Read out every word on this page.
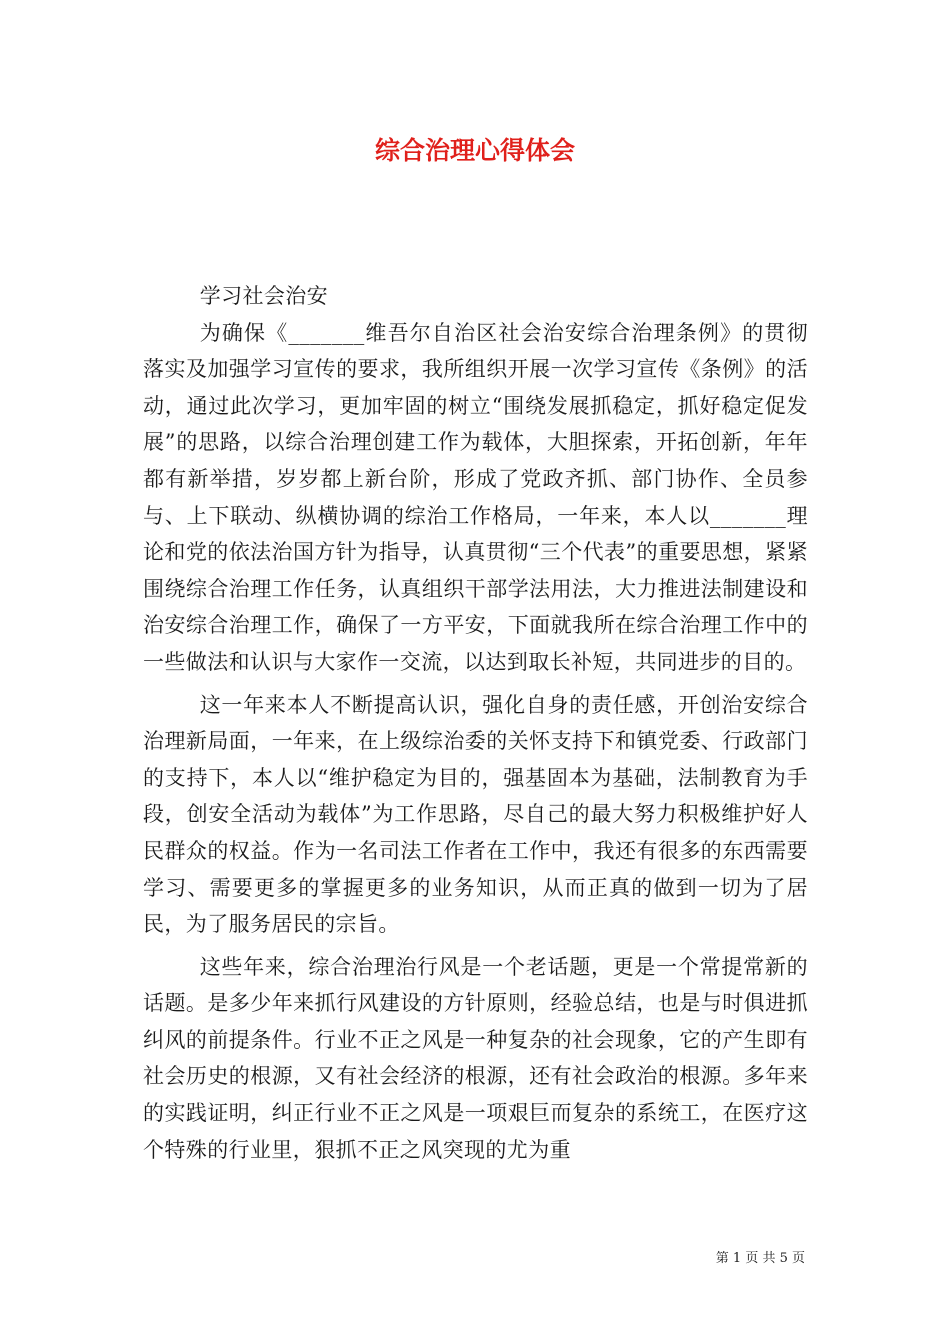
综合治理心得体会

学习社会治安

为确保《_______维吾尔自治区社会治安综合治理条例》的贯彻落实及加强学习宣传的要求，我所组织开展一次学习宣传《条例》的活动，通过此次学习，更加牢固的树立“围绕发展抓稳定，抓好稳定促发展”的思路，以综合治理创建工作为载体，大胆探索，开拓创新，年年都有新举措，岁岁都上新台阶，形成了党政齐抓、部门协作、全员参与、上下联动、纵横协调的综治工作格局，一年来，本人以_______理论和党的依法治国方针为指导，认真贯彻“三个代表”的重要思想，紧紧围绕综合治理工作任务，认真组织干部学法用法，大力推进法制建设和治安综合治理工作，确保了一方平安，下面就我所在综合治理工作中的一些做法和认识与大家作一交流，以达到取长补短，共同进步的目的。

这一年来本人不断提高认识，强化自身的责任感，开创治安综合治理新局面，一年来，在上级综治委的关怀支持下和镇党委、行政部门的支持下，本人以“维护稳定为目的，强基固本为基础，法制教育为手段，创安全活动为载体”为工作思路，尽自己的最大努力积极维护好人民群众的权益。作为一名司法工作者在工作中，我还有很多的东西需要学习、需要更多的掌握更多的业务知识，从而正真的做到一切为了居民，为了服务居民的宗旨。

这些年来，综合治理治行风是一个老话题，更是一个常提常新的话题。是多少年来抓行风建设的方针原则，经验总结，也是与时俱进抓纠风的前提条件。行业不正之风是一种复杂的社会现象，它的产生即有社会历史的根源，又有社会经济的根源，还有社会政治的根源。多年来的实践证明，纠正行业不正之风是一项艰巨而复杂的系统工，在医疗这个特殊的行业里，狠抓不正之风突现的尤为重

第 1 页 共 5 页
